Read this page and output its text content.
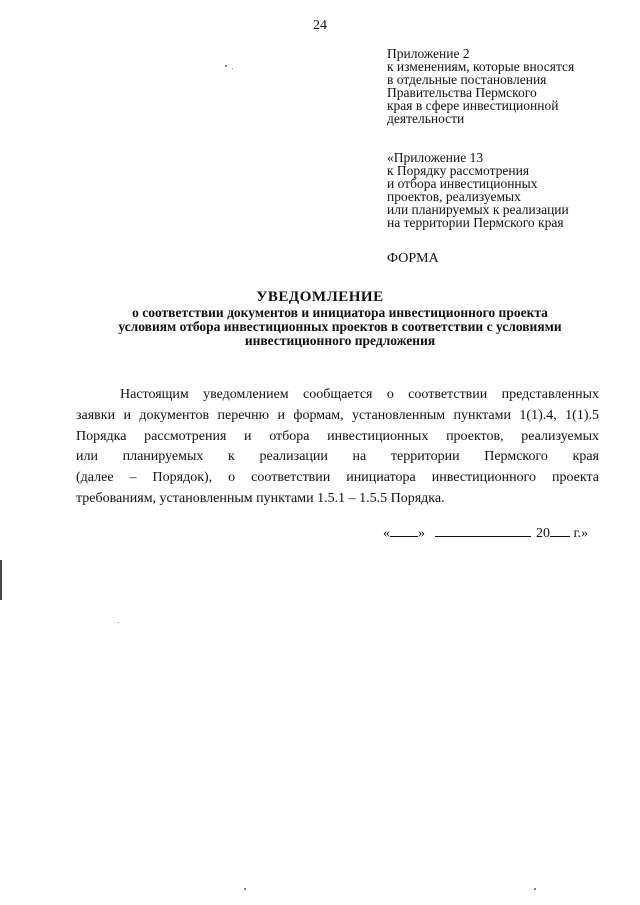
24
Приложение 2
к изменениям, которые вносятся
в отдельные постановления
Правительства Пермского
края в сфере инвестиционной
деятельности
«Приложение 13
к Порядку рассмотрения
и отбора инвестиционных
проектов, реализуемых
или планируемых к реализации
на территории Пермского края
ФОРМА
УВЕДОМЛЕНИЕ
о соответствии документов и инициатора инвестиционного проекта
условиям отбора инвестиционных проектов в соответствии с условиями
инвестиционного предложения
Настоящим уведомлением сообщается о соответствии представленных
заявки и документов перечню и формам, установленным пунктами 1(1).4, 1(1).5
Порядка рассмотрения и отбора инвестиционных проектов, реализуемых
или планируемых к реализации на территории Пермского края
(далее – Порядок), о соответствии инициатора инвестиционного проекта
требованиям, установленным пунктами 1.5.1 – 1.5.5 Порядка.
« »	20 г.»
